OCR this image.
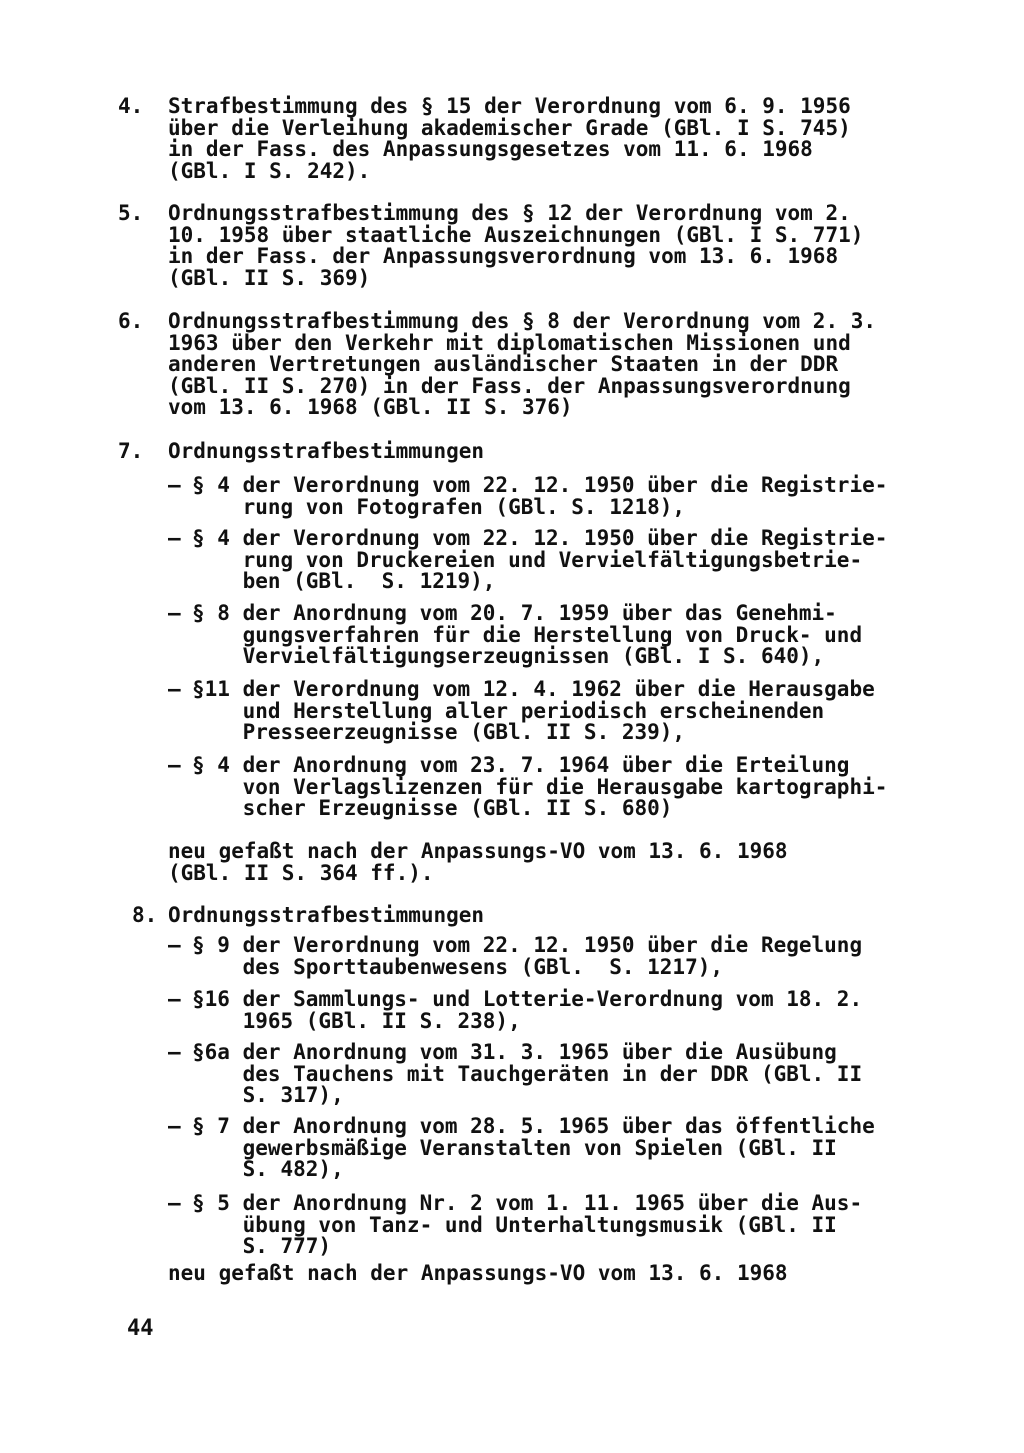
4. Strafbestimmung des § 15 der Verordnung vom 6. 9. 1956
über die Verleihung akademischer Grade (GBl. I S. 745)
in der Fass. des Anpassungsgesetzes vom 11. 6. 1968
(GBl. I S. 242).
5. Ordnungsstrafbestimmung des § 12 der Verordnung vom 2.
10. 1958 über staatliche Auszeichnungen (GBl. I S. 771)
in der Fass. der Anpassungsverordnung vom 13. 6. 1968
(GBl. II S. 369)
6. Ordnungsstrafbestimmung des § 8 der Verordnung vom 2. 3.
1963 über den Verkehr mit diplomatischen Missionen und
anderen Vertretungen ausländischer Staaten in der DDR
(GBl. II S. 270) in der Fass. der Anpassungsverordnung
vom 13. 6. 1968 (GBl. II S. 376)
7. Ordnungsstrafbestimmungen
– § 4 der Verordnung vom 22. 12. 1950 über die Registrie-
rung von Fotografen (GBl. S. 1218),
– § 4 der Verordnung vom 22. 12. 1950 über die Registrie-
rung von Druckereien und Vervielfältigungsbetrie-
ben (GBl.  S. 1219),
– § 8 der Anordnung vom 20. 7. 1959 über das Genehmi-
gungsverfahren für die Herstellung von Druck- und
Vervielfältigungserzeugnissen (GBl. I S. 640),
– §11 der Verordnung vom 12. 4. 1962 über die Herausgabe
und Herstellung aller periodisch erscheinenden
Presseerzeugnisse (GBl. II S. 239),
– § 4 der Anordnung vom 23. 7. 1964 über die Erteilung
von Verlagslizenzen für die Herausgabe kartographi-
scher Erzeugnisse (GBl. II S. 680)
neu gefaßt nach der Anpassungs-VO vom 13. 6. 1968
(GBl. II S. 364 ff.).
8. Ordnungsstrafbestimmungen
– § 9 der Verordnung vom 22. 12. 1950 über die Regelung
des Sporttaubenwesens (GBl.  S. 1217),
– §16 der Sammlungs- und Lotterie-Verordnung vom 18. 2.
1965 (GBl. II S. 238),
– §6a der Anordnung vom 31. 3. 1965 über die Ausübung
des Tauchens mit Tauchgeräten in der DDR (GBl. II
S. 317),
– § 7 der Anordnung vom 28. 5. 1965 über das öffentliche
gewerbsmäßige Veranstalten von Spielen (GBl. II
S. 482),
– § 5 der Anordnung Nr. 2 vom 1. 11. 1965 über die Aus-
übung von Tanz- und Unterhaltungsmusik (GBl. II
S. 777)
neu gefaßt nach der Anpassungs-VO vom 13. 6. 1968
44
